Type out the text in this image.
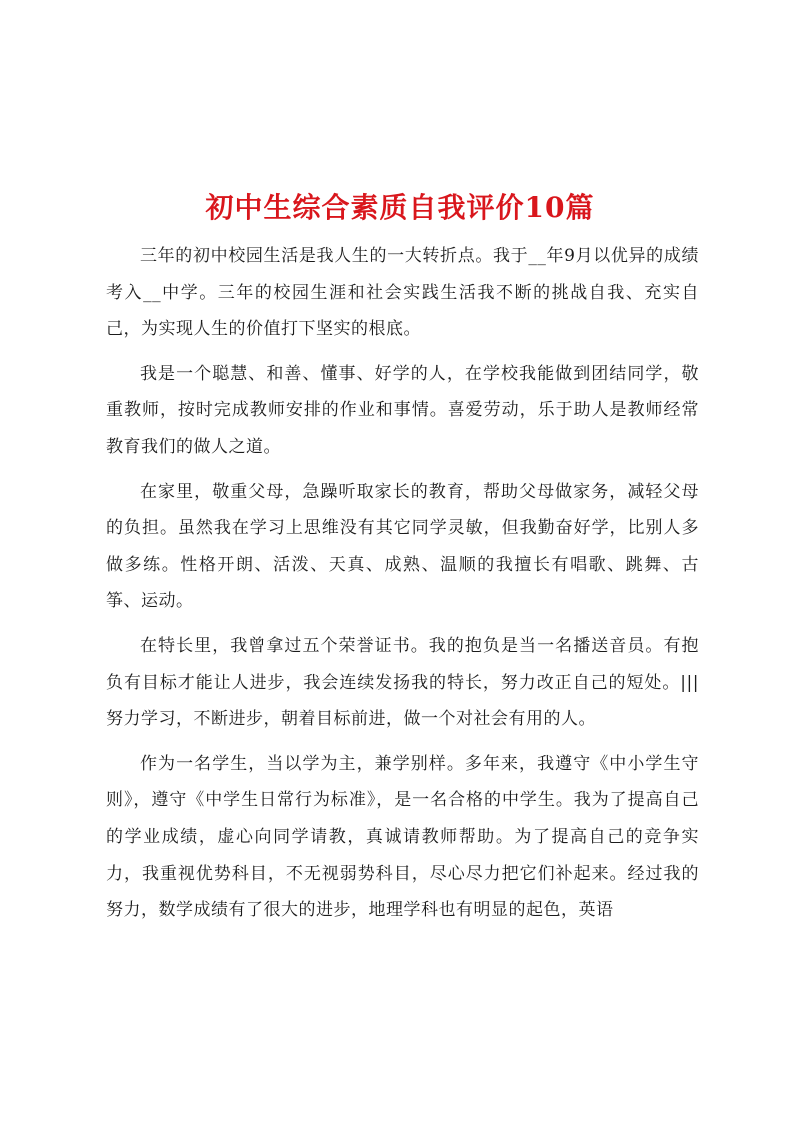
初中生综合素质自我评价10篇

三年的初中校园生活是我人生的一大转折点。我于__年9月以优异的成绩考入__中学。三年的校园生涯和社会实践生活我不断的挑战自我、充实自己，为实现人生的价值打下坚实的根底。

我是一个聪慧、和善、懂事、好学的人，在学校我能做到团结同学，敬重教师，按时完成教师安排的作业和事情。喜爱劳动，乐于助人是教师经常教育我们的做人之道。

在家里，敬重父母，急躁听取家长的教育，帮助父母做家务，减轻父母的负担。虽然我在学习上思维没有其它同学灵敏，但我勤奋好学，比别人多做多练。性格开朗、活泼、天真、成熟、温顺的我擅长有唱歌、跳舞、古筝、运动。

在特长里，我曾拿过五个荣誉证书。我的抱负是当一名播送音员。有抱负有目标才能让人进步，我会连续发扬我的特长，努力改正自己的短处。|||努力学习，不断进步，朝着目标前进，做一个对社会有用的人。

作为一名学生，当以学为主，兼学别样。多年来，我遵守《中小学生守则》，遵守《中学生日常行为标准》，是一名合格的中学生。我为了提高自己的学业成绩，虚心向同学请教，真诚请教师帮助。为了提高自己的竞争实力，我重视优势科目，不无视弱势科目，尽心尽力把它们补起来。经过我的努力，数学成绩有了很大的进步，地理学科也有明显的起色，英语
